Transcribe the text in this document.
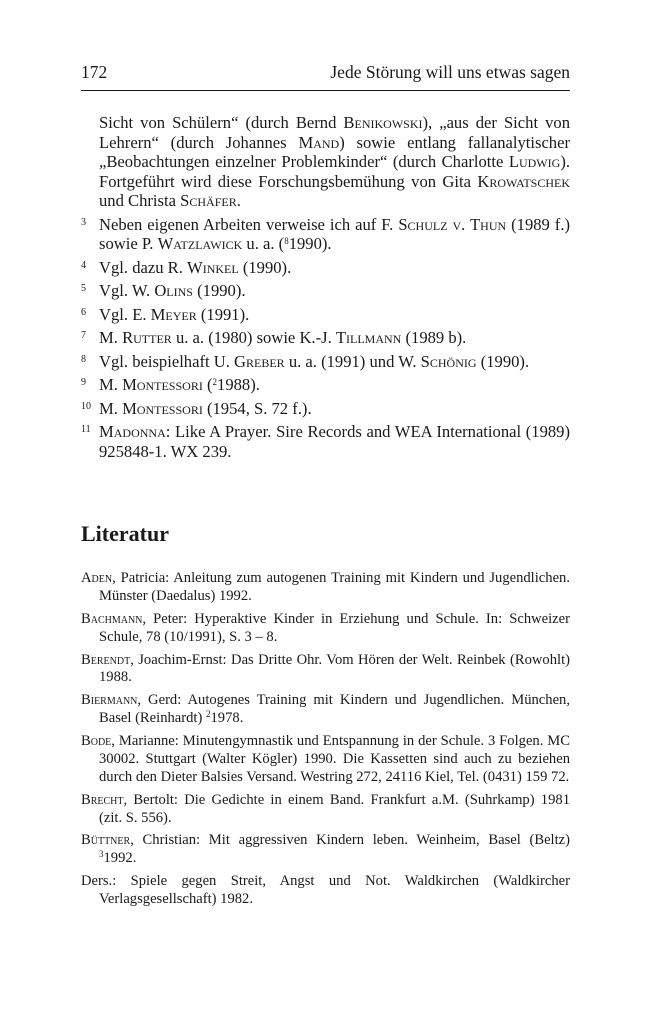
172	Jede Störung will uns etwas sagen
Sicht von Schülern“ (durch Bernd Benikowski), „aus der Sicht von Lehrern“ (durch Johannes Mand) sowie entlang fallanalytischer „Beobachtungen einzelner Problemkinder“ (durch Charlotte Ludwig). Fortgeführt wird diese Forschungsbemühung von Gita Krowatschek und Christa Schäfer.
3 Neben eigenen Arbeiten verweise ich auf F. Schulz v. Thun (1989 f.) sowie P. Watzlawick u. a. ($^8$1990).
4 Vgl. dazu R. Winkel (1990).
5 Vgl. W. Olins (1990).
6 Vgl. E. Meyer (1991).
7 M. Rutter u. a. (1980) sowie K.-J. Tillmann (1989 b).
8 Vgl. beispielhaft U. Greber u. a. (1991) und W. Schönig (1990).
9 M. Montessori ($^2$1988).
10 M. Montessori (1954, S. 72 f.).
11 Madonna: Like A Prayer. Sire Records and WEA International (1989) 925848-1. WX 239.
Literatur
Aden, Patricia: Anleitung zum autogenen Training mit Kindern und Jugendlichen. Münster (Daedalus) 1992.
Bachmann, Peter: Hyperaktive Kinder in Erziehung und Schule. In: Schweizer Schule, 78 (10/1991), S. 3 – 8.
Berendt, Joachim-Ernst: Das Dritte Ohr. Vom Hören der Welt. Reinbek (Rowohlt) 1988.
Biermann, Gerd: Autogenes Training mit Kindern und Jugendlichen. München, Basel (Reinhardt) $^2$1978.
Bode, Marianne: Minutengymnastik und Entspannung in der Schule. 3 Folgen. MC 30002. Stuttgart (Walter Kögler) 1990. Die Kassetten sind auch zu beziehen durch den Dieter Balsies Versand. Westring 272, 24116 Kiel, Tel. (0431) 159 72.
Brecht, Bertolt: Die Gedichte in einem Band. Frankfurt a.M. (Suhrkamp) 1981 (zit. S. 556).
Büttner, Christian: Mit aggressiven Kindern leben. Weinheim, Basel (Beltz) $^3$1992.
Ders.: Spiele gegen Streit, Angst und Not. Waldkirchen (Waldkircher Verlagsgesellschaft) 1982.
